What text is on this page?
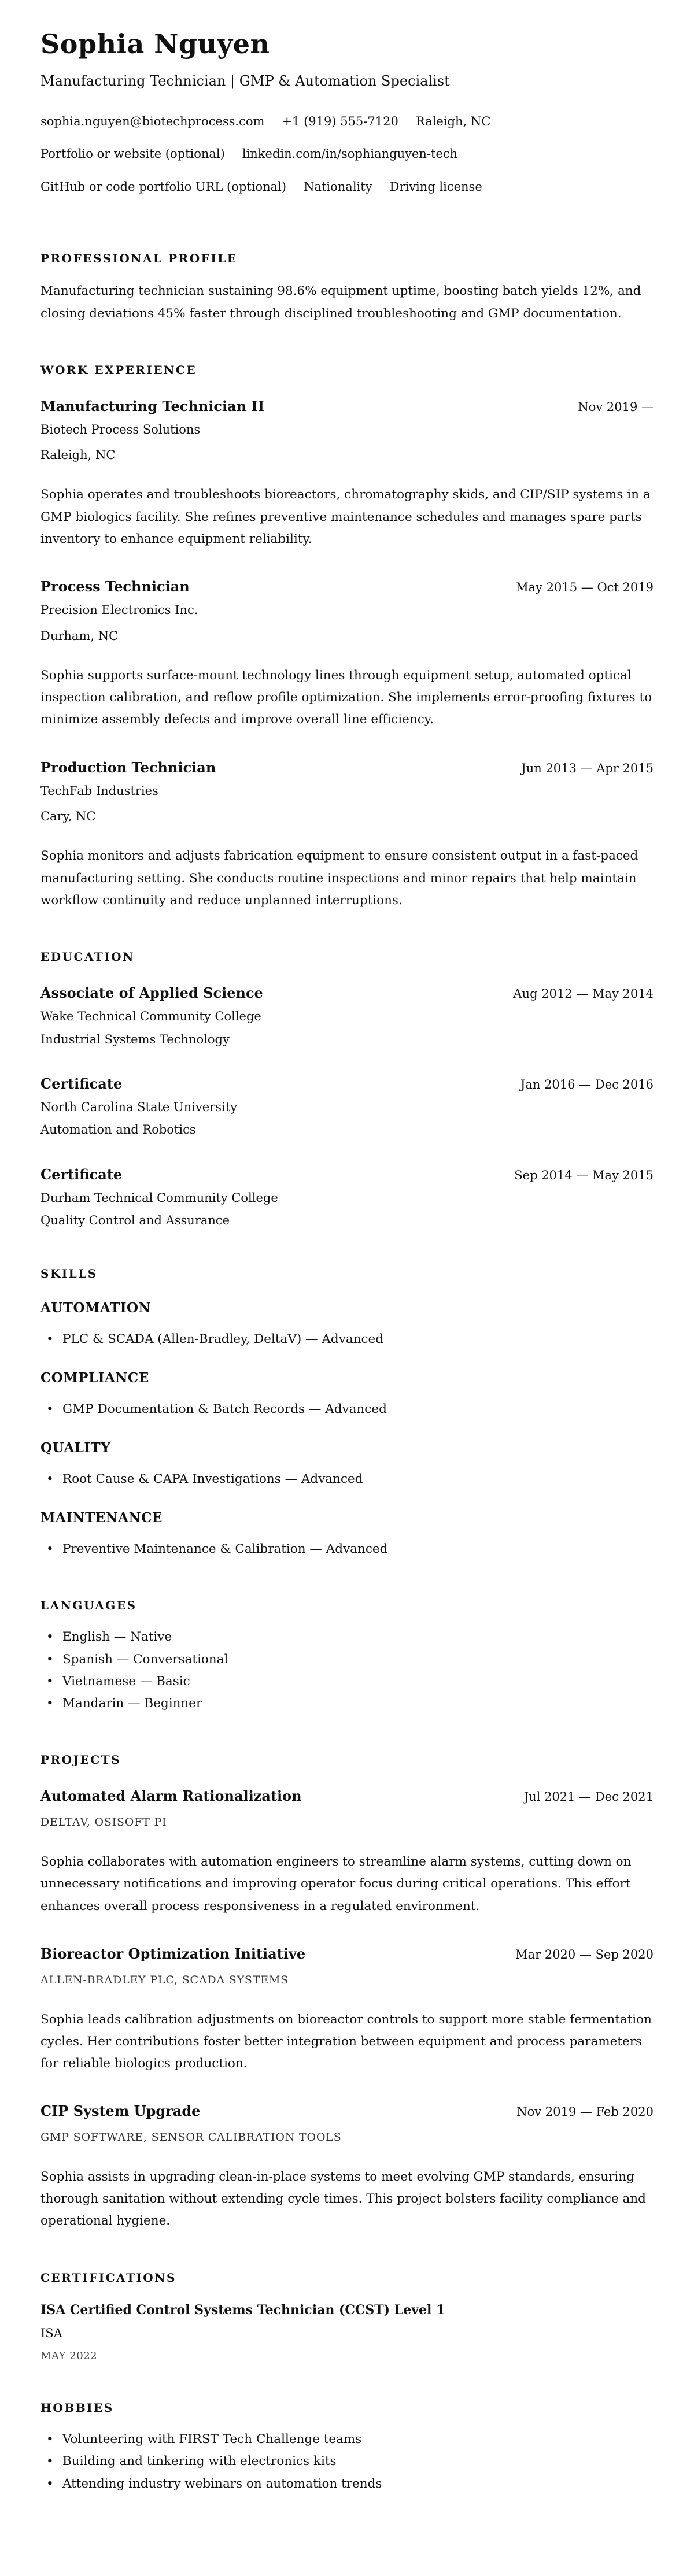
Sophia Nguyen
Manufacturing Technician | GMP & Automation Specialist
sophia.nguyen@biotechprocess.com +1 (919) 555-7120 Raleigh, NC
Portfolio or website (optional) linkedin.com/in/sophianguyen-tech
GitHub or code portfolio URL (optional) Nationality Driving license
PROFESSIONAL PROFILE

Manufacturing technician sustaining 98.6% equipment uptime, boosting batch yields 12%, and closing deviations 45% faster through disciplined troubleshooting and GMP documentation.

WORK EXPERIENCE
Manufacturing Technician II	Nov 2019 —
Biotech Process Solutions
Raleigh, NC

Sophia operates and troubleshoots bioreactors, chromatography skids, and CIP/SIP systems in a GMP biologics facility. She refines preventive maintenance schedules and manages spare parts inventory to enhance equipment reliability.

Process Technician	May 2015 — Oct 2019
Precision Electronics Inc.
Durham, NC

Sophia supports surface-mount technology lines through equipment setup, automated optical inspection calibration, and reflow profile optimization. She implements error-proofing fixtures to minimize assembly defects and improve overall line efficiency.

Production Technician	Jun 2013 — Apr 2015
TechFab Industries
Cary, NC

Sophia monitors and adjusts fabrication equipment to ensure consistent output in a fast-paced manufacturing setting. She conducts routine inspections and minor repairs that help maintain workflow continuity and reduce unplanned interruptions.

EDUCATION
Associate of Applied Science	Aug 2012 — May 2014
Wake Technical Community College
Industrial Systems Technology
Certificate	Jan 2016 — Dec 2016
North Carolina State University
Automation and Robotics
Certificate	Sep 2014 — May 2015
Durham Technical Community College
Quality Control and Assurance
SKILLS
AUTOMATION
• PLC & SCADA (Allen-Bradley, DeltaV) — Advanced
COMPLIANCE
• GMP Documentation & Batch Records — Advanced
QUALITY
• Root Cause & CAPA Investigations — Advanced
MAINTENANCE
• Preventive Maintenance & Calibration — Advanced
LANGUAGES
• English — Native
• Spanish — Conversational
• Vietnamese — Basic
• Mandarin — Beginner
PROJECTS
Automated Alarm Rationalization	Jul 2021 — Dec 2021
DELTAV, OSISOFT PI

Sophia collaborates with automation engineers to streamline alarm systems, cutting down on unnecessary notifications and improving operator focus during critical operations. This effort enhances overall process responsiveness in a regulated environment.

Bioreactor Optimization Initiative	Mar 2020 — Sep 2020
ALLEN-BRADLEY PLC, SCADA SYSTEMS

Sophia leads calibration adjustments on bioreactor controls to support more stable fermentation cycles. Her contributions foster better integration between equipment and process parameters for reliable biologics production.

CIP System Upgrade	Nov 2019 — Feb 2020
GMP SOFTWARE, SENSOR CALIBRATION TOOLS

Sophia assists in upgrading clean-in-place systems to meet evolving GMP standards, ensuring thorough sanitation without extending cycle times. This project bolsters facility compliance and operational hygiene.

CERTIFICATIONS
ISA Certified Control Systems Technician (CCST) Level 1
ISA
MAY 2022
HOBBIES
• Volunteering with FIRST Tech Challenge teams
• Building and tinkering with electronics kits
• Attending industry webinars on automation trends
